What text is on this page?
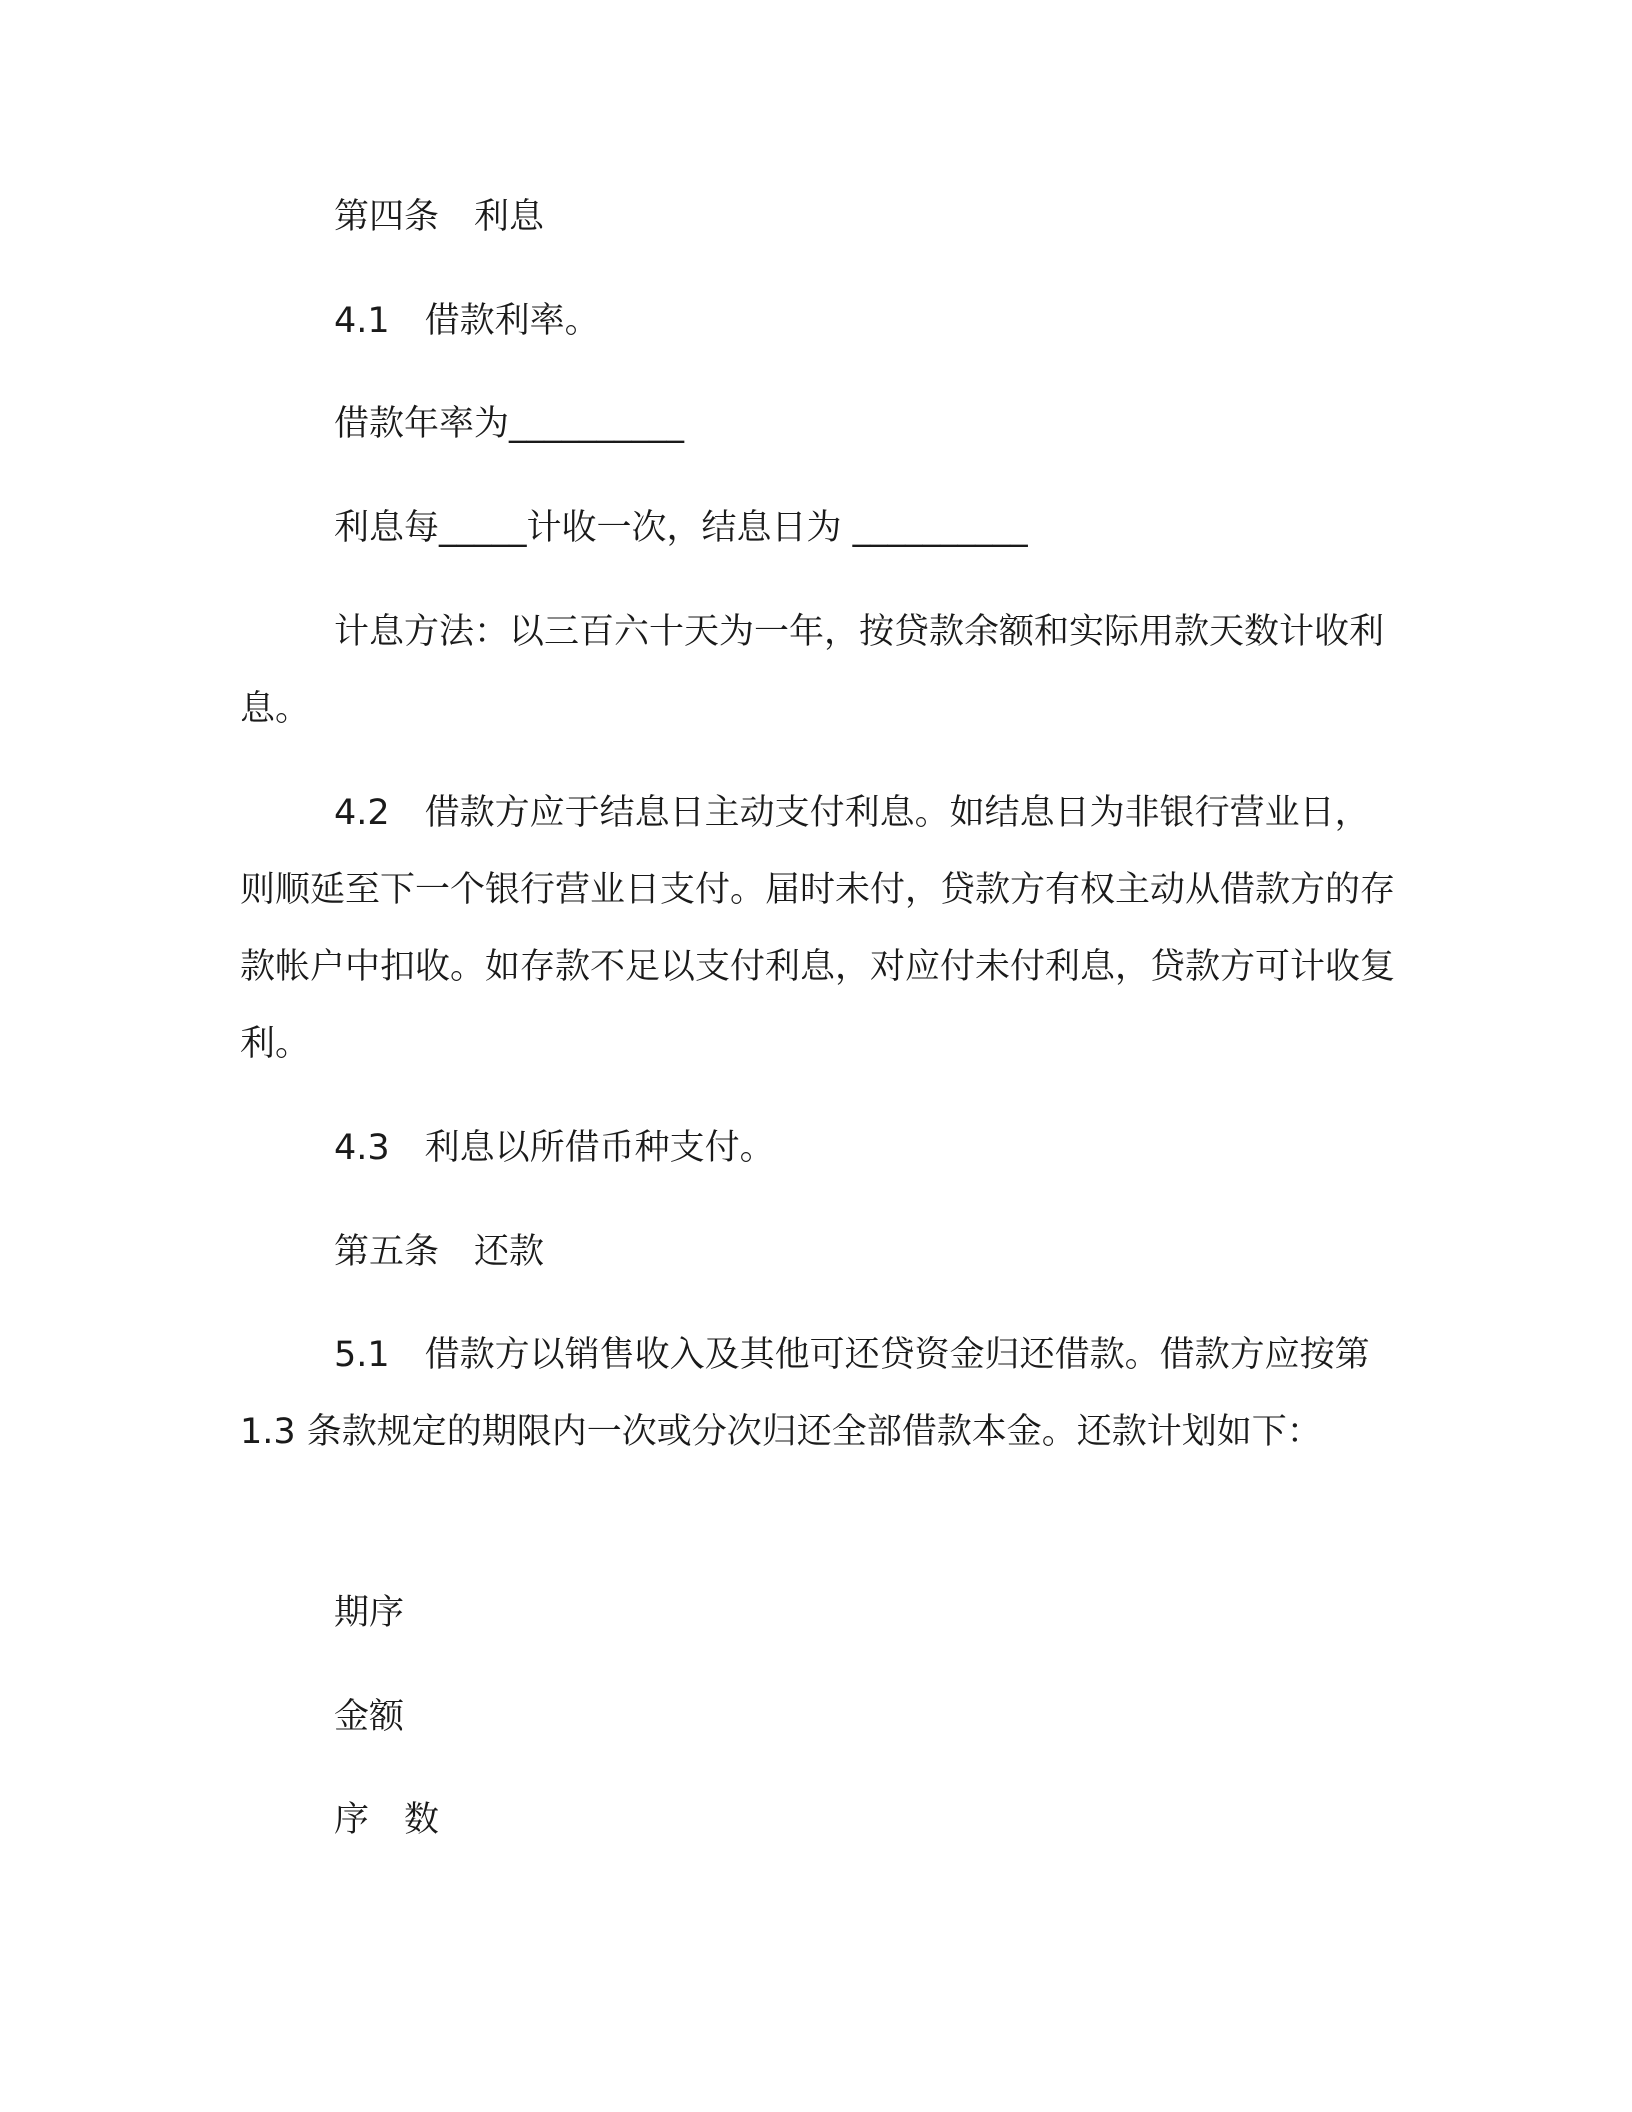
第四条　利息

4.1　借款利率。

借款年率为__________

利息每_____计收一次，结息日为 __________

计息方法：以三百六十天为一年，按贷款余额和实际用款天数计收利息。

4.2　借款方应于结息日主动支付利息。如结息日为非银行营业日，则顺延至下一个银行营业日支付。届时未付，贷款方有权主动从借款方的存款帐户中扣收。如存款不足以支付利息，对应付未付利息，贷款方可计收复利。

4.3　利息以所借币种支付。

第五条　还款

5.1　借款方以销售收入及其他可还贷资金归还借款。借款方应按第 1.3 条款规定的期限内一次或分次归还全部借款本金。还款计划如下：

期序

金额

序　数
